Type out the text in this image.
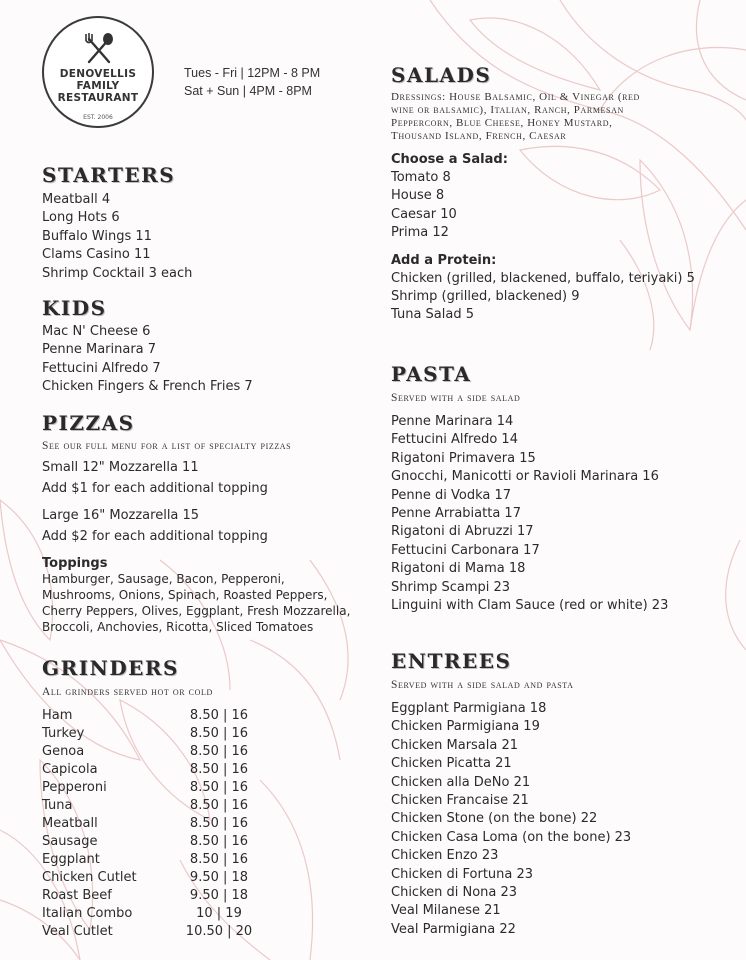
DENOVELLIS
FAMILY
RESTAURANT
EST. 2006
Tues - Fri | 12PM - 8 PM
Sat + Sun | 4PM - 8PM
STARTERS
Meatball 4
Long Hots 6
Buffalo Wings 11
Clams Casino 11
Shrimp Cocktail 3 each
KIDS
Mac N' Cheese 6
Penne Marinara 7
Fettucini Alfredo 7
Chicken Fingers & French Fries 7
PIZZAS
See our full menu for a list of specialty pizzas
Small 12" Mozzarella 11
Add $1 for each additional topping
Large 16" Mozzarella 15
Add $2 for each additional topping
Toppings
Hamburger, Sausage, Bacon, Pepperoni,
Mushrooms, Onions, Spinach, Roasted Peppers,
Cherry Peppers, Olives, Eggplant, Fresh Mozzarella,
Broccoli, Anchovies, Ricotta, Sliced Tomatoes
GRINDERS
All grinders served hot or cold
Ham	8.50 | 16
Turkey	8.50 | 16
Genoa	8.50 | 16
Capicola	8.50 | 16
Pepperoni	8.50 | 16
Tuna	8.50 | 16
Meatball	8.50 | 16
Sausage	8.50 | 16
Eggplant	8.50 | 16
Chicken Cutlet	9.50 | 18
Roast Beef	9.50 | 18
Italian Combo	10 | 19
Veal Cutlet	10.50 | 20
SALADS
Dressings: House Balsamic, Oil & Vinegar (red
wine or balsamic), Italian, Ranch, Parmesan
Peppercorn, Blue Cheese, Honey Mustard,
Thousand Island, French, Caesar
Choose a Salad:
Tomato 8
House 8
Caesar 10
Prima 12
Add a Protein:
Chicken (grilled, blackened, buffalo, teriyaki) 5
Shrimp (grilled, blackened) 9
Tuna Salad 5
PASTA
Served with a side salad
Penne Marinara 14
Fettucini Alfredo 14
Rigatoni Primavera 15
Gnocchi, Manicotti or Ravioli Marinara 16
Penne di Vodka 17
Penne Arrabiatta 17
Rigatoni di Abruzzi 17
Fettucini Carbonara 17
Rigatoni di Mama 18
Shrimp Scampi 23
Linguini with Clam Sauce (red or white) 23
ENTREES
Served with a side salad and pasta
Eggplant Parmigiana 18
Chicken Parmigiana 19
Chicken Marsala 21
Chicken Picatta 21
Chicken alla DeNo 21
Chicken Francaise 21
Chicken Stone (on the bone) 22
Chicken Casa Loma (on the bone) 23
Chicken Enzo 23
Chicken di Fortuna 23
Chicken di Nona 23
Veal Milanese 21
Veal Parmigiana 22
